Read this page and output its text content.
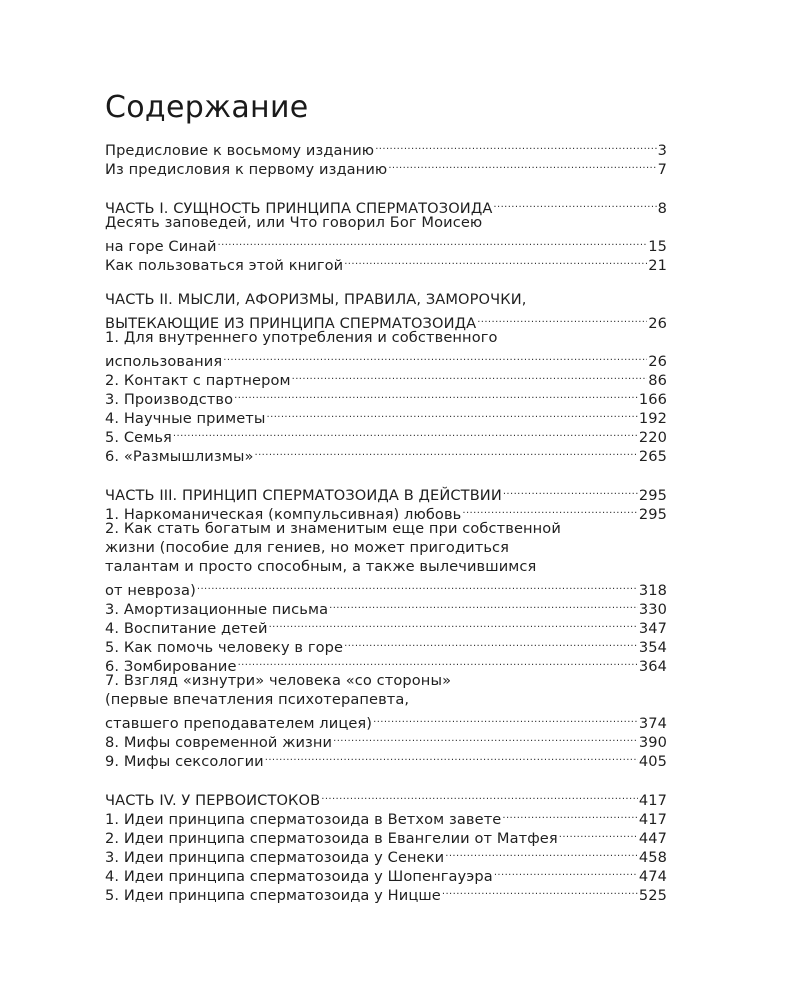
Содержание
Предисловие к восьмому изданию .....	3
Из предисловия к первому изданию .....	7
ЧАСТЬ I. СУЩНОСТЬ ПРИНЦИПА СПЕРМАТОЗОИДА .....	8
Десять заповедей, или Что говорил Бог Моисею
на горе Синай .....	15
Как пользоваться этой книгой .....	21
ЧАСТЬ II. МЫСЛИ, АФОРИЗМЫ, ПРАВИЛА, ЗАМОРОЧКИ,
ВЫТЕКАЮЩИЕ ИЗ ПРИНЦИПА СПЕРМАТОЗОИДА .....	26
1. Для внутреннего употребления и собственного
использования .....	26
2. Контакт с партнером .....	86
3. Производство .....	166
4. Научные приметы .....	192
5. Семья .....	220
6. «Размышлизмы» .....	265
ЧАСТЬ III. ПРИНЦИП СПЕРМАТОЗОИДА В ДЕЙСТВИИ .....	295
1. Наркоманическая (компульсивная) любовь .....	295
2. Как стать богатым и знаменитым еще при собственной
жизни (пособие для гениев, но может пригодиться
талантам и просто способным, а также вылечившимся
от невроза) .....	318
3. Амортизационные письма .....	330
4. Воспитание детей .....	347
5. Как помочь человеку в горе .....	354
6. Зомбирование .....	364
7. Взгляд «изнутри» человека «со стороны»
(первые впечатления психотерапевта,
ставшего преподавателем лицея) .....	374
8. Мифы современной жизни .....	390
9. Мифы сексологии .....	405
ЧАСТЬ IV. У ПЕРВОИСТОКОВ .....	417
1. Идеи принципа сперматозоида в Ветхом завете .....	417
2. Идеи принципа сперматозоида в Евангелии от Матфея .....	447
3. Идеи принципа сперматозоида у Сенеки .....	458
4. Идеи принципа сперматозоида у Шопенгауэра .....	474
5. Идеи принципа сперматозоида у Ницше .....	525
